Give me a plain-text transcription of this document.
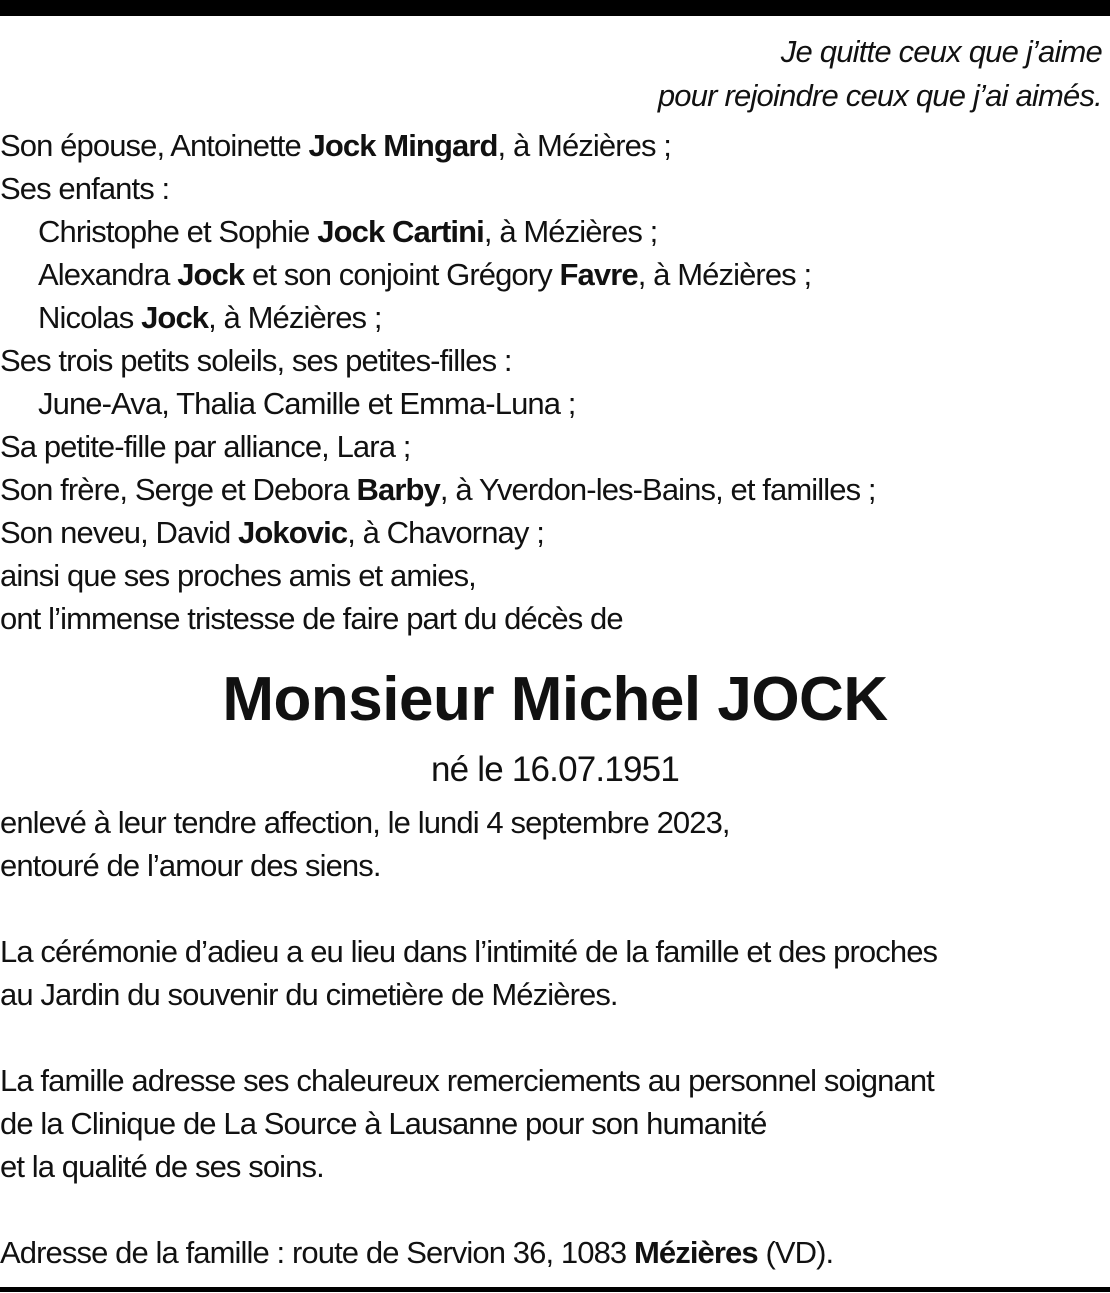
Je quitte ceux que j’aime
pour rejoindre ceux que j’ai aimés.
Son épouse, Antoinette Jock Mingard, à Mézières ;
Ses enfants :
Christophe et Sophie Jock Cartini, à Mézières ;
Alexandra Jock et son conjoint Grégory Favre, à Mézières ;
Nicolas Jock, à Mézières ;
Ses trois petits soleils, ses petites-filles :
June-Ava, Thalia Camille et Emma-Luna ;
Sa petite-fille par alliance, Lara ;
Son frère, Serge et Debora Barby, à Yverdon-les-Bains, et familles ;
Son neveu, David Jokovic, à Chavornay ;
ainsi que ses proches amis et amies,
ont l’immense tristesse de faire part du décès de
Monsieur Michel JOCK
né le 16.07.1951
enlevé à leur tendre affection, le lundi 4 septembre 2023,
entouré de l’amour des siens.
La cérémonie d’adieu a eu lieu dans l’intimité de la famille et des proches
au Jardin du souvenir du cimetière de Mézières.
La famille adresse ses chaleureux remerciements au personnel soignant
de la Clinique de La Source à Lausanne pour son humanité
et la qualité de ses soins.
Adresse de la famille : route de Servion 36, 1083 Mézières (VD).
